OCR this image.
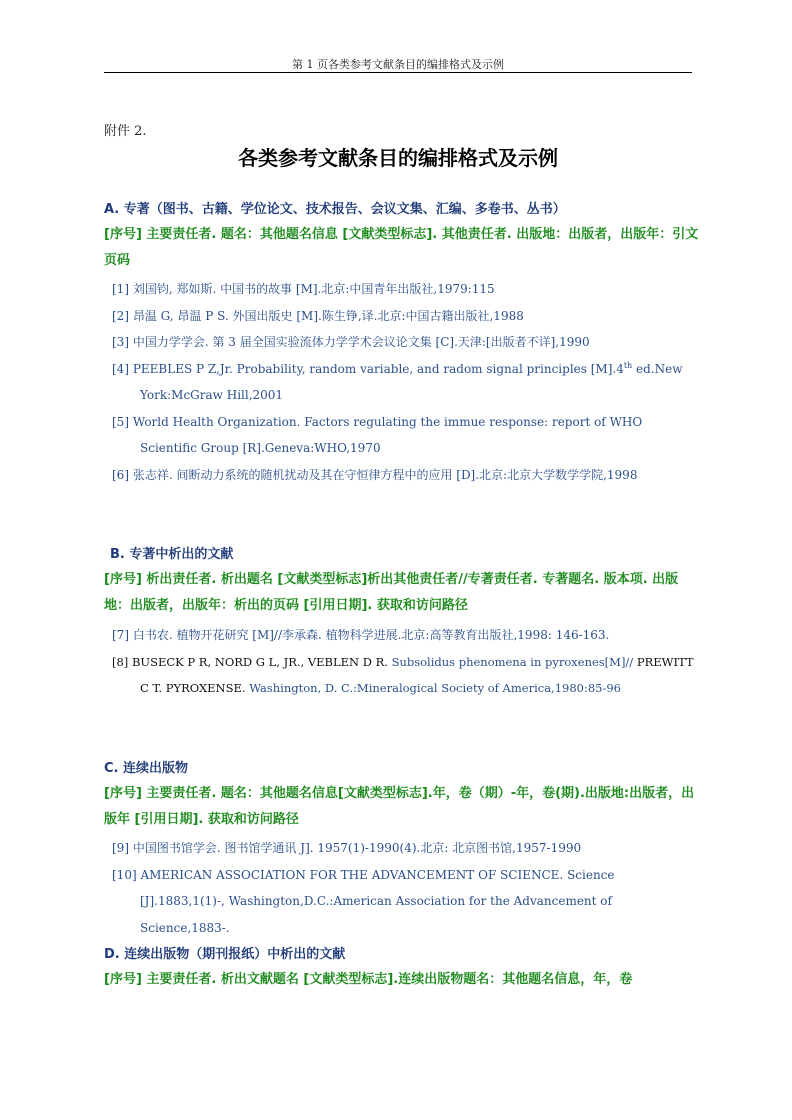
第 1 页各类参考文献条目的编排格式及示例
附件 2.
各类参考文献条目的编排格式及示例
A. 专著（图书、古籍、学位论文、技术报告、会议文集、汇编、多卷书、丛书）
[序号] 主要责任者. 题名：其他题名信息 [文献类型标志]. 其他责任者. 出版地：出版者，出版年：引文页码
[1] 刘国钧, 郑如斯. 中国书的故事 [M].北京:中国青年出版社,1979:115
[2] 昂温 G, 昂温 P S. 外国出版史 [M].陈生铮,译.北京:中国古籍出版社,1988
[3] 中国力学学会. 第 3 届全国实验流体力学学术会议论文集 [C].天津:[出版者不详],1990
[4] PEEBLES P Z,Jr. Probability, random variable, and radom signal principles [M].4th ed.New York:McGraw Hill,2001
[5] World Health Organization. Factors regulating the immue response: report of WHO Scientific Group [R].Geneva:WHO,1970
[6] 张志祥. 间断动力系统的随机扰动及其在守恒律方程中的应用 [D].北京:北京大学数学学院,1998
B. 专著中析出的文献
[序号] 析出责任者. 析出题名 [文献类型标志]析出其他责任者//专著责任者. 专著题名. 版本项. 出版地：出版者，出版年：析出的页码 [引用日期]. 获取和访问路径
[7] 白书农. 植物开花研究 [M]//李承森. 植物科学进展.北京:高等教育出版社,1998: 146-163.
[8] BUSECK P R, NORD G L, JR., VEBLEN D R. Subsolidus phenomena in pyroxenes[M]// PREWITT C T. PYROXENSE. Washington, D. C.:Mineralogical Society of America,1980:85-96
C. 连续出版物
[序号] 主要责任者. 题名：其他题名信息[文献类型标志].年，卷（期）-年，卷(期).出版地:出版者，出版年 [引用日期]. 获取和访问路径
[9] 中国图书馆学会. 图书馆学通讯 J]. 1957(1)-1990(4).北京: 北京图书馆,1957-1990
[10] AMERICAN ASSOCIATION FOR THE ADVANCEMENT OF SCIENCE. Science [J].1883,1(1)-, Washington,D.C.:American Association for the Advancement of Science,1883-.
D. 连续出版物（期刊报纸）中析出的文献
[序号] 主要责任者. 析出文献题名 [文献类型标志].连续出版物题名：其他题名信息，年，卷
